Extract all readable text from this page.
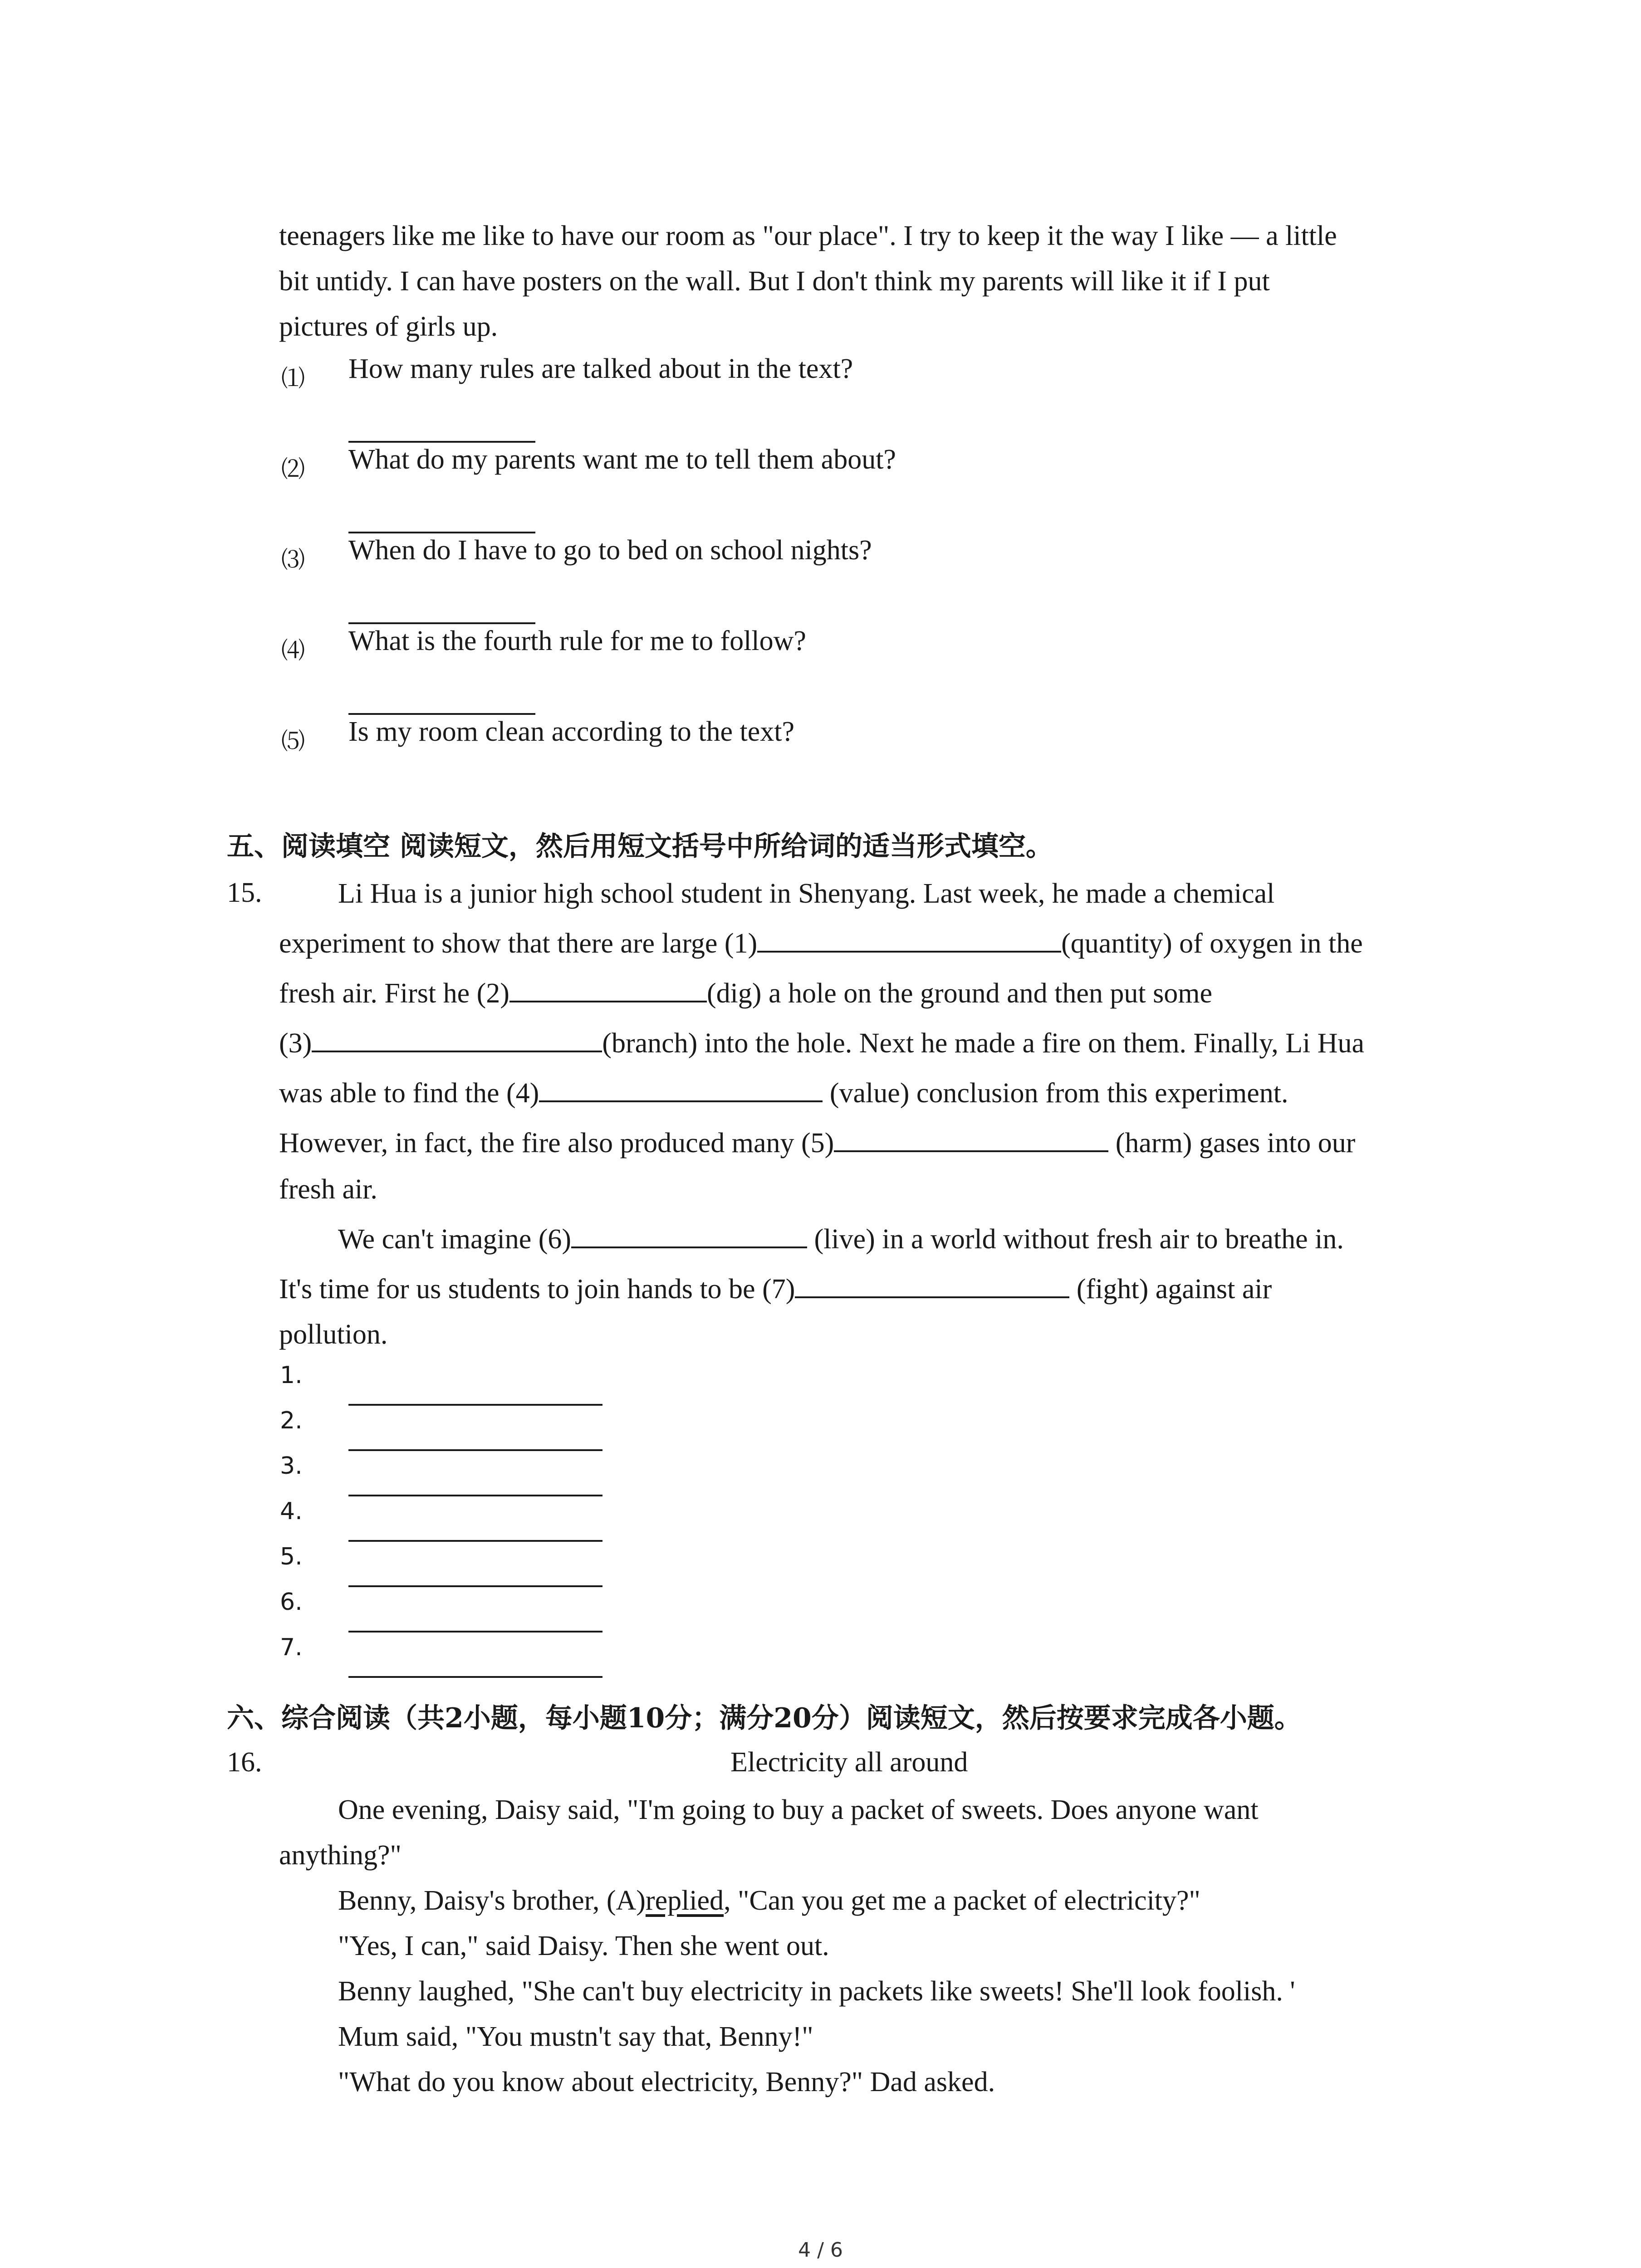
teenagers like me like to have our room as "our place". I try to keep it the way I like — a little
bit untidy. I can have posters on the wall. But I don't think my parents will like it if I put
pictures of girls up.
⑴ How many rules are talked about in the text?
⑵ What do my parents want me to tell them about?
⑶ When do I have to go to bed on school nights?
⑷ What is the fourth rule for me to follow?
⑸ Is my room clean according to the text?
五、阅读填空 阅读短文，然后用短文括号中所给词的适当形式填空。
15.	Li Hua is a junior high school student in Shenyang. Last week, he made a chemical
experiment to show that there are large (1)	(quantity) of oxygen in the
fresh air. First he (2)	(dig) a hole on the ground and then put some
(3)	(branch) into the hole. Next he made a fire on them. Finally, Li Hua
was able to find the (4)	(value) conclusion from this experiment.
However, in fact, the fire also produced many (5)	(harm) gases into our
fresh air.
We can't imagine (6)	(live) in a world without fresh air to breathe in.
It's time for us students to join hands to be (7)	(fight) against air
pollution.
1.
2.
3.
4.
5.
6.
7.
六、综合阅读（共2小题，每小题10分；满分20分）阅读短文，然后按要求完成各小题。
16.	Electricity all around
One evening, Daisy said, "I'm going to buy a packet of sweets. Does anyone want
anything?"
Benny, Daisy's brother, (A)replied, "Can you get me a packet of electricity?"
"Yes, I can," said Daisy. Then she went out.
Benny laughed, "She can't buy electricity in packets like sweets! She'll look foolish. '
Mum said, "You mustn't say that, Benny!"
"What do you know about electricity, Benny?" Dad asked.
4 / 6
